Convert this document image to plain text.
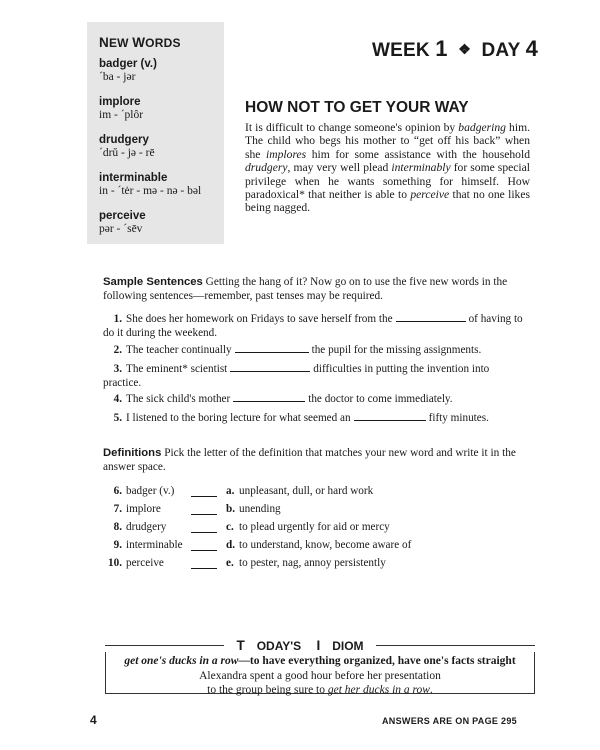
NEW WORDS
badger (v.)
ˊba - jər
implore
im - ˊplôr
drudgery
ˊdrŭ - jə - rē
interminable
in - ˊtėr - mə - nə - bəl
perceive
pər - ˊsēv
WEEK 1 ❖ DAY 4
HOW NOT TO GET YOUR WAY
It is difficult to change someone's opinion by badgering him. The child who begs his mother to “get off his back” when she implores him for some assistance with the household drudgery, may very well plead interminably for some special privilege when he wants something for himself. How paradoxical* that neither is able to perceive that no one likes being nagged.
Sample Sentences Getting the hang of it? Now go on to use the five new words in the following sentences—remember, past tenses may be required.
1. She does her homework on Fridays to save herself from the	of having to do it during the weekend.
2. The teacher continually	the pupil for the missing assignments.
3. The eminent* scientist	difficulties in putting the invention into practice.
4. The sick child's mother	the doctor to come immediately.
5. I listened to the boring lecture for what seemed an	fifty minutes.
Definitions Pick the letter of the definition that matches your new word and write it in the answer space.
6. badger (v.)	a. unpleasant, dull, or hard work
7. implore	b. unending
8. drudgery	c. to plead urgently for aid or mercy
9. interminable	d. to understand, know, become aware of
10. perceive	e. to pester, nag, annoy persistently
T ODAY'S I DIOM
get one's ducks in a row—to have everything organized, have one's facts straight
Alexandra spent a good hour before her presentation
to the group being sure to get her ducks in a row.
4	ANSWERS ARE ON PAGE 295
